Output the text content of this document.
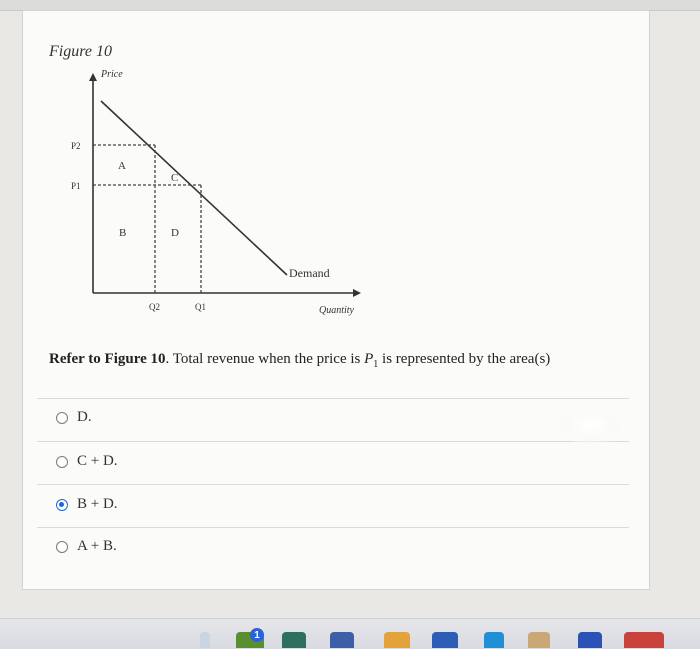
Figure 10
Price
Quantity
Demand
P2
P1
Q2	Q1
A
B
C
D
Refer to Figure 10. Total revenue when the price is $P_1$ is represented by the area(s)
D.
C + D.
B + D.
A + B.
1
